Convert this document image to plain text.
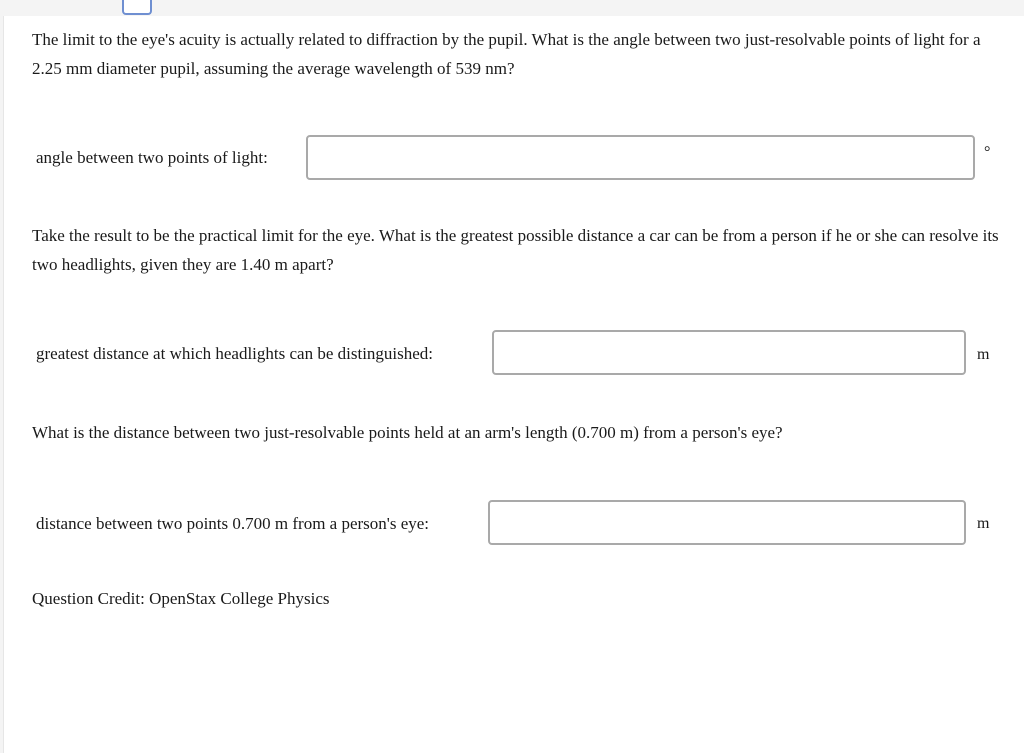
The limit to the eye's acuity is actually related to diffraction by the pupil. What is the angle between two just-resolvable points of light for a 2.25 mm diameter pupil, assuming the average wavelength of 539 nm?
angle between two points of light:	°
Take the result to be the practical limit for the eye. What is the greatest possible distance a car can be from a person if he or she can resolve its two headlights, given they are 1.40 m apart?
greatest distance at which headlights can be distinguished:	m
What is the distance between two just-resolvable points held at an arm's length (0.700 m) from a person's eye?
distance between two points 0.700 m from a person's eye:	m
Question Credit: OpenStax College Physics
